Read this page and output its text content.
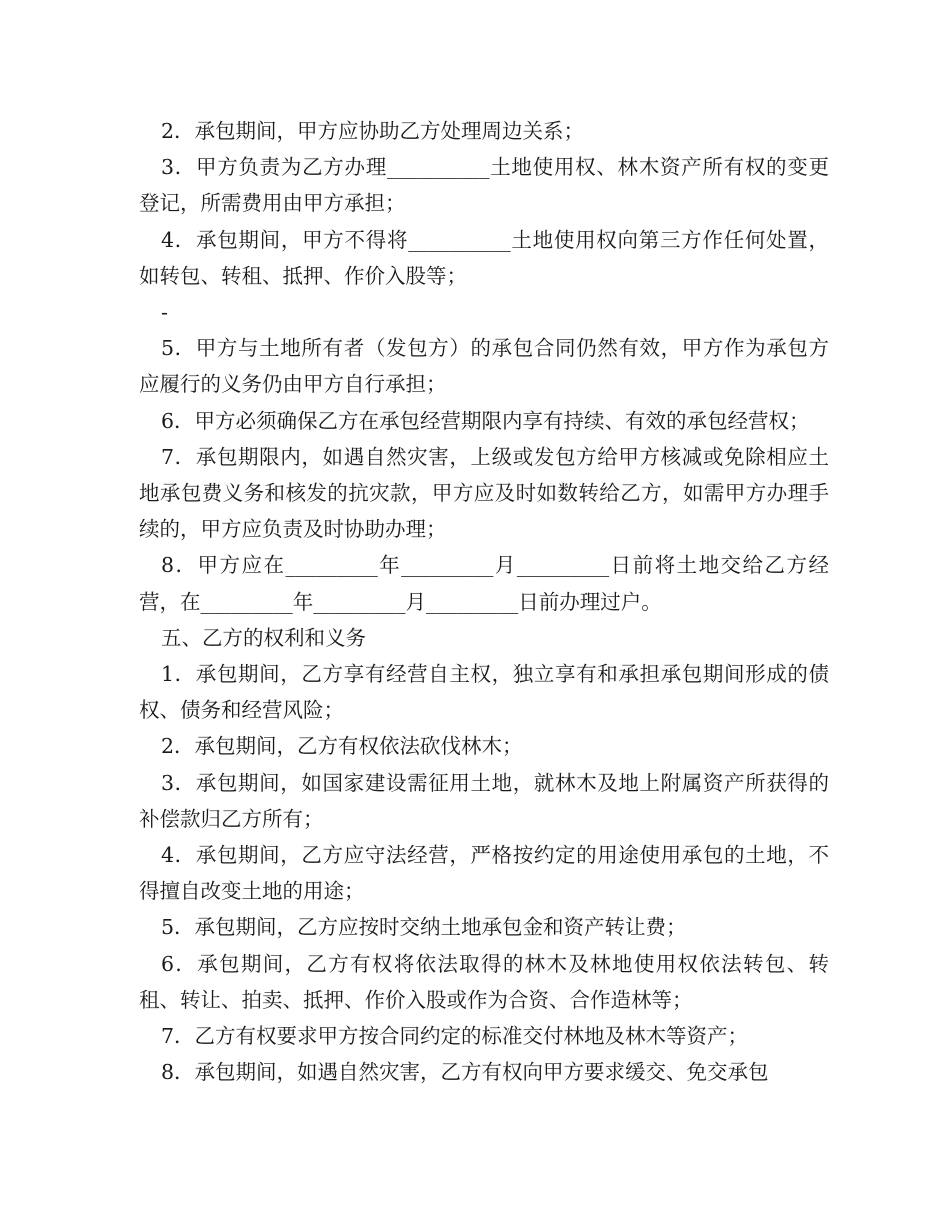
2．承包期间，甲方应协助乙方处理周边关系；

3．甲方负责为乙方办理__________土地使用权、林木资产所有权的变更登记，所需费用由甲方承担；

4．承包期间，甲方不得将__________土地使用权向第三方作任何处置，如转包、转租、抵押、作价入股等；

-

5．甲方与土地所有者（发包方）的承包合同仍然有效，甲方作为承包方应履行的义务仍由甲方自行承担；

6．甲方必须确保乙方在承包经营期限内享有持续、有效的承包经营权；

7．承包期限内，如遇自然灾害，上级或发包方给甲方核减或免除相应土地承包费义务和核发的抗灾款，甲方应及时如数转给乙方，如需甲方办理手续的，甲方应负责及时协助办理；

8．甲方应在_________年_________月_________日前将土地交给乙方经营，在_________年_________月_________日前办理过户。

五、乙方的权利和义务

1．承包期间，乙方享有经营自主权，独立享有和承担承包期间形成的债权、债务和经营风险；

2．承包期间，乙方有权依法砍伐林木；

3．承包期间，如国家建设需征用土地，就林木及地上附属资产所获得的补偿款归乙方所有；

4．承包期间，乙方应守法经营，严格按约定的用途使用承包的土地，不得擅自改变土地的用途；

5．承包期间，乙方应按时交纳土地承包金和资产转让费；

6．承包期间，乙方有权将依法取得的林木及林地使用权依法转包、转租、转让、拍卖、抵押、作价入股或作为合资、合作造林等；

7．乙方有权要求甲方按合同约定的标准交付林地及林木等资产；

8．承包期间，如遇自然灾害，乙方有权向甲方要求缓交、免交承包
